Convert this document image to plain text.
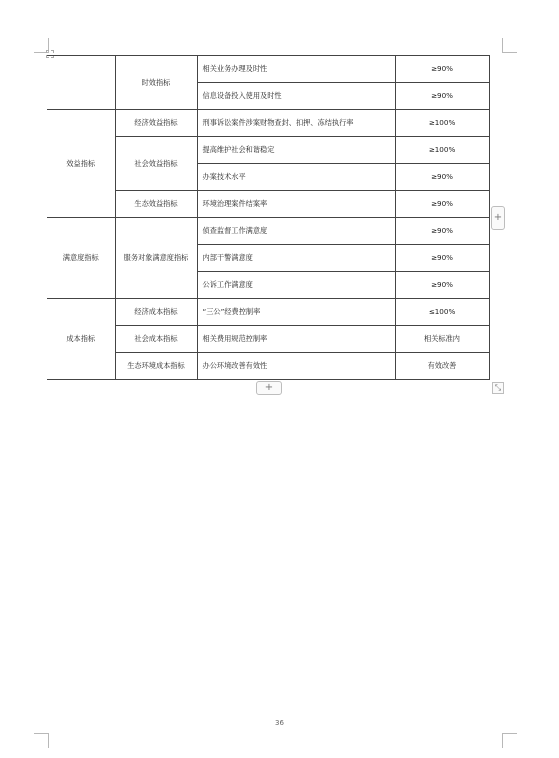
	时效指标	相关业务办理及时性	≥90%
		信息设备投入使用及时性	≥90%
效益指标	经济效益指标	刑事诉讼案件涉案财物查封、扣押、冻结执行率	≥100%
	社会效益指标	提高维护社会和谐稳定	≥100%
		办案技术水平	≥90%
	生态效益指标	环境治理案件结案率	≥90%
满意度指标	服务对象满意度指标	侦查监督工作满意度	≥90%
		内部干警满意度	≥90%
		公诉工作满意度	≥90%
成本指标	经济成本指标	“三公”经费控制率	≤100%
	社会成本指标	相关费用规范控制率	相关标准内
	生态环境成本指标	办公环境改善有效性	有效改善
+
+	⤡
36
